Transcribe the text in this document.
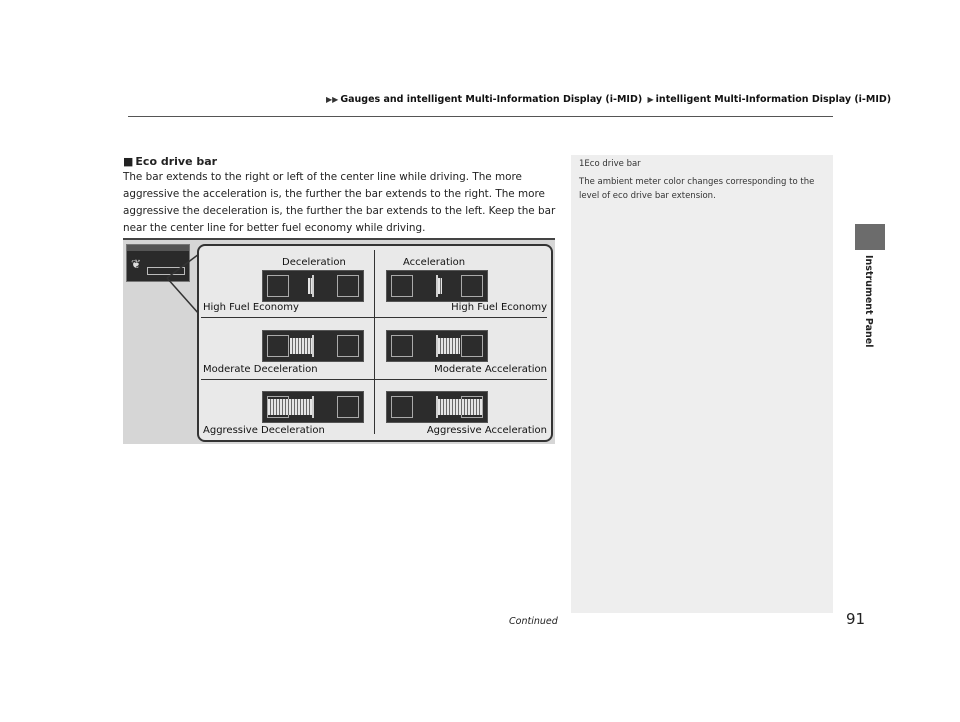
▶▶ Gauges and intelligent Multi-Information Display (i-MID) ▶ intelligent Multi-Information Display (i-MID)
Instrument Panel
■ Eco drive bar
The bar extends to the right or left of the center line while driving. The more aggressive the acceleration is, the further the bar extends to the right. The more aggressive the deceleration is, the further the bar extends to the left. Keep the bar near the center line for better fuel economy while driving.
1Eco drive bar
The ambient meter color changes corresponding to the level of eco drive bar extension.
❦	Deceleration	Acceleration
High Fuel Economy	High Fuel Economy
Moderate Deceleration	Moderate Acceleration
Aggressive Deceleration	Aggressive Acceleration
Continued	91
